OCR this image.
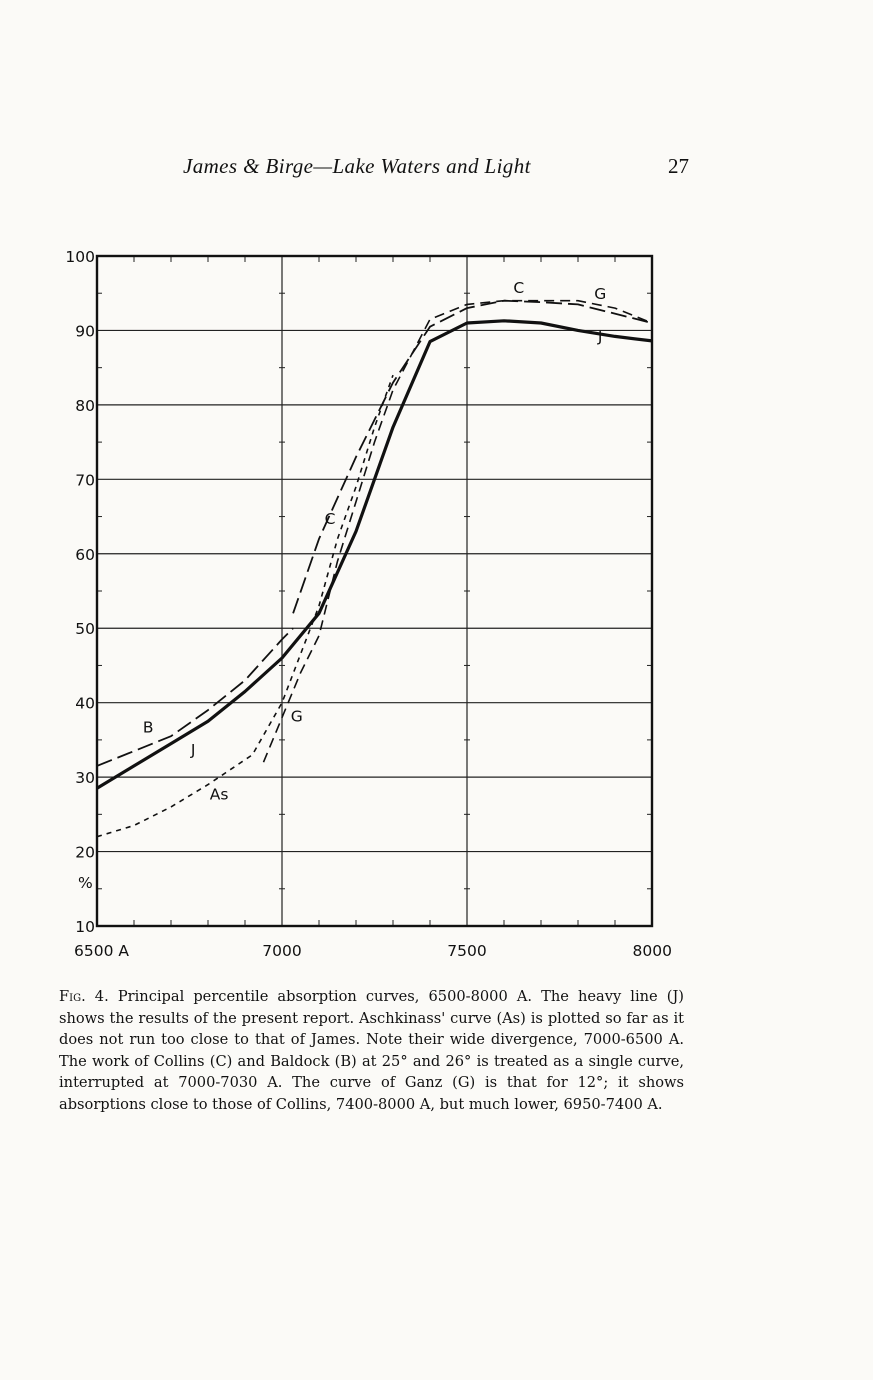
James & Birge—Lake Waters and Light	27
100
90
80
70
60
50
40
30
20
10
6500 A	7000	7500	8000
%
J
J
B
C
C
As
G
G
Fig. 4. Principal percentile absorption curves, 6500-8000 A. The heavy line (J) shows the results of the present report. Aschkinass' curve (As) is plotted so far as it does not run too close to that of James. Note their wide divergence, 7000-6500 A. The work of Collins (C) and Baldock (B) at 25° and 26° is treated as a single curve, interrupted at 7000-7030 A. The curve of Ganz (G) is that for 12°; it shows absorptions close to those of Collins, 7400-8000 A, but much lower, 6950-7400 A.
